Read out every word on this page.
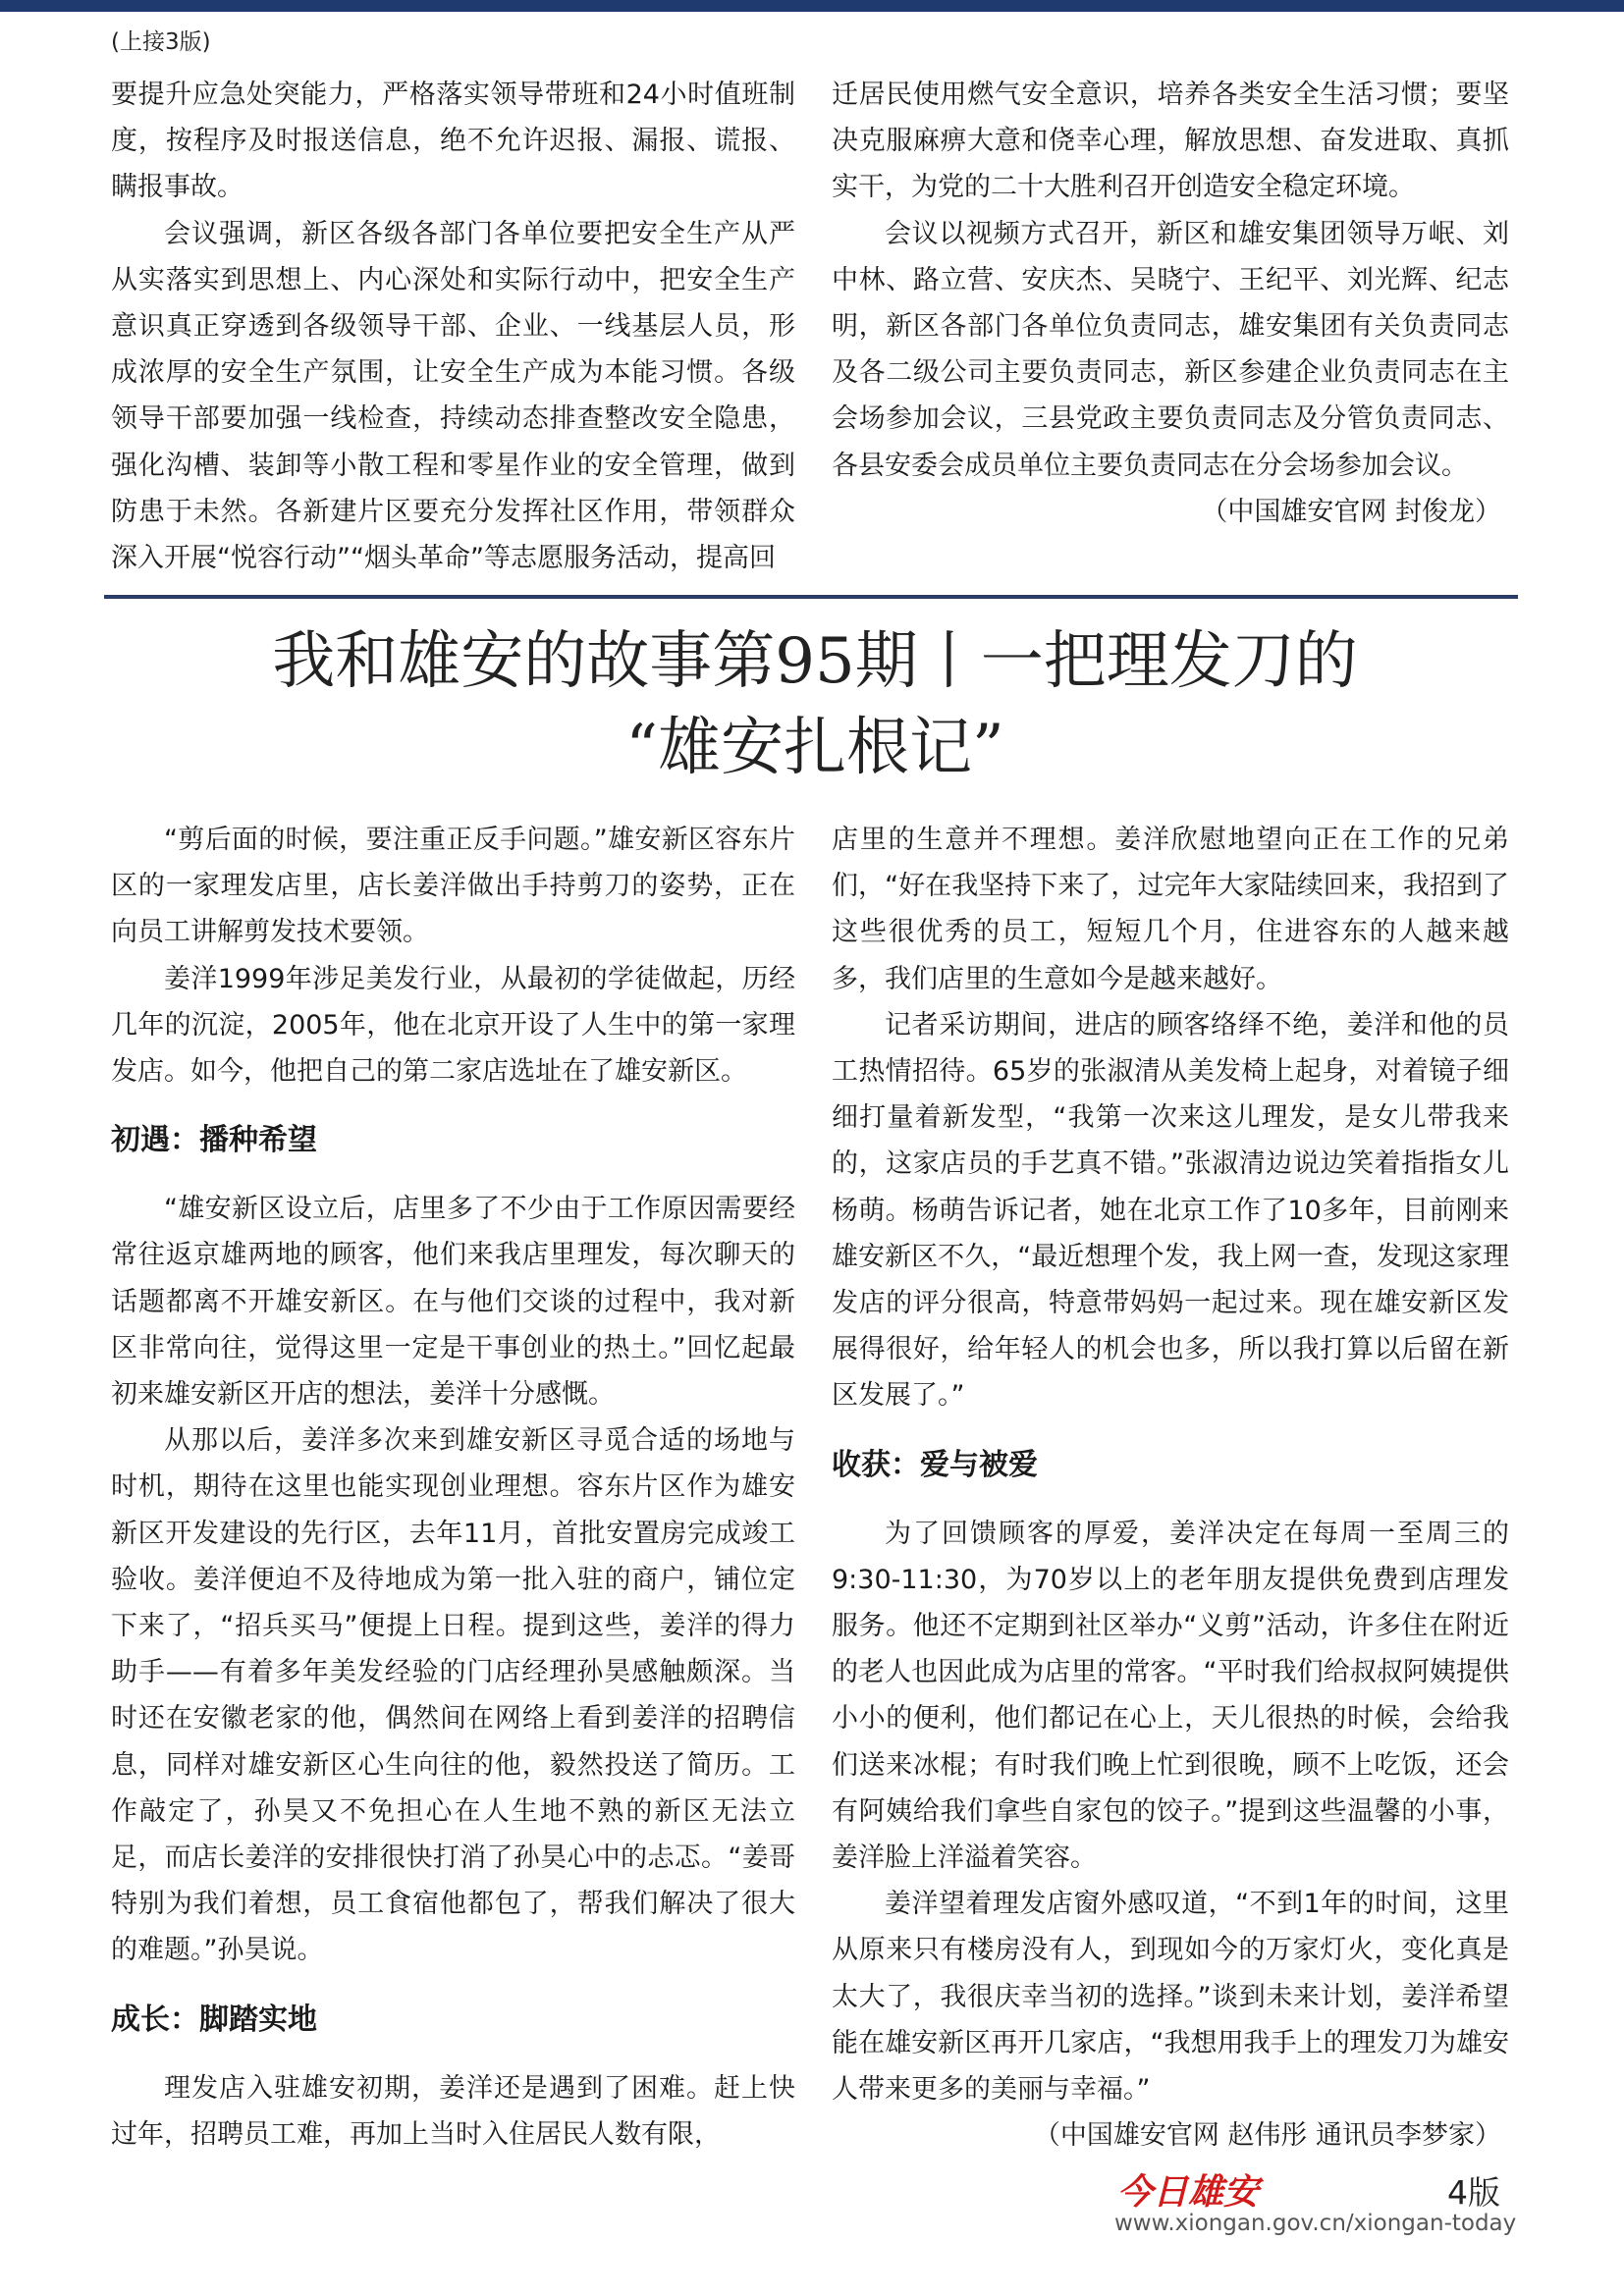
(上接3版)

要提升应急处突能力，严格落实领导带班和24小时值班制度，按程序及时报送信息，绝不允许迟报、漏报、谎报、瞒报事故。

会议强调，新区各级各部门各单位要把安全生产从严从实落实到思想上、内心深处和实际行动中，把安全生产意识真正穿透到各级领导干部、企业、一线基层人员，形成浓厚的安全生产氛围，让安全生产成为本能习惯。各级领导干部要加强一线检查，持续动态排查整改安全隐患，强化沟槽、装卸等小散工程和零星作业的安全管理，做到防患于未然。各新建片区要充分发挥社区作用，带领群众深入开展“悦容行动”“烟头革命”等志愿服务活动，提高回

迁居民使用燃气安全意识，培养各类安全生活习惯；要坚决克服麻痹大意和侥幸心理，解放思想、奋发进取、真抓实干，为党的二十大胜利召开创造安全稳定环境。

会议以视频方式召开，新区和雄安集团领导万岷、刘中林、路立营、安庆杰、吴晓宁、王纪平、刘光辉、纪志明，新区各部门各单位负责同志，雄安集团有关负责同志及各二级公司主要负责同志，新区参建企业负责同志在主会场参加会议，三县党政主要负责同志及分管负责同志、各县安委会成员单位主要负责同志在分会场参加会议。

（中国雄安官网 封俊龙）

我和雄安的故事第95期丨一把理发刀的
“雄安扎根记”

“剪后面的时候，要注重正反手问题。”雄安新区容东片区的一家理发店里，店长姜洋做出手持剪刀的姿势，正在向员工讲解剪发技术要领。

姜洋1999年涉足美发行业，从最初的学徒做起，历经几年的沉淀，2005年，他在北京开设了人生中的第一家理发店。如今，他把自己的第二家店选址在了雄安新区。

初遇：播种希望

“雄安新区设立后，店里多了不少由于工作原因需要经常往返京雄两地的顾客，他们来我店里理发，每次聊天的话题都离不开雄安新区。在与他们交谈的过程中，我对新区非常向往，觉得这里一定是干事创业的热土。”回忆起最初来雄安新区开店的想法，姜洋十分感慨。

从那以后，姜洋多次来到雄安新区寻觅合适的场地与时机，期待在这里也能实现创业理想。容东片区作为雄安新区开发建设的先行区，去年11月，首批安置房完成竣工验收。姜洋便迫不及待地成为第一批入驻的商户，铺位定下来了，“招兵买马”便提上日程。提到这些，姜洋的得力助手——有着多年美发经验的门店经理孙昊感触颇深。当时还在安徽老家的他，偶然间在网络上看到姜洋的招聘信息，同样对雄安新区心生向往的他，毅然投送了简历。工作敲定了，孙昊又不免担心在人生地不熟的新区无法立足，而店长姜洋的安排很快打消了孙昊心中的忐忑。“姜哥特别为我们着想，员工食宿他都包了，帮我们解决了很大的难题。”孙昊说。

成长：脚踏实地

理发店入驻雄安初期，姜洋还是遇到了困难。赶上快过年，招聘员工难，再加上当时入住居民人数有限，

店里的生意并不理想。姜洋欣慰地望向正在工作的兄弟们，“好在我坚持下来了，过完年大家陆续回来，我招到了这些很优秀的员工，短短几个月，住进容东的人越来越多，我们店里的生意如今是越来越好。

记者采访期间，进店的顾客络绎不绝，姜洋和他的员工热情招待。65岁的张淑清从美发椅上起身，对着镜子细细打量着新发型，“我第一次来这儿理发，是女儿带我来的，这家店员的手艺真不错。”张淑清边说边笑着指指女儿杨萌。杨萌告诉记者，她在北京工作了10多年，目前刚来雄安新区不久，“最近想理个发，我上网一查，发现这家理发店的评分很高，特意带妈妈一起过来。现在雄安新区发展得很好，给年轻人的机会也多，所以我打算以后留在新区发展了。”

收获：爱与被爱

为了回馈顾客的厚爱，姜洋决定在每周一至周三的9:30-11:30，为70岁以上的老年朋友提供免费到店理发服务。他还不定期到社区举办“义剪”活动，许多住在附近的老人也因此成为店里的常客。“平时我们给叔叔阿姨提供小小的便利，他们都记在心上，天儿很热的时候，会给我们送来冰棍；有时我们晚上忙到很晚，顾不上吃饭，还会有阿姨给我们拿些自家包的饺子。”提到这些温馨的小事，姜洋脸上洋溢着笑容。

姜洋望着理发店窗外感叹道，“不到1年的时间，这里从原来只有楼房没有人，到现如今的万家灯火，变化真是太大了，我很庆幸当初的选择。”谈到未来计划，姜洋希望能在雄安新区再开几家店，“我想用我手上的理发刀为雄安人带来更多的美丽与幸福。”

（中国雄安官网 赵伟彤 通讯员李梦家）

今日雄安	4版
www.xiongan.gov.cn/xiongan-today
